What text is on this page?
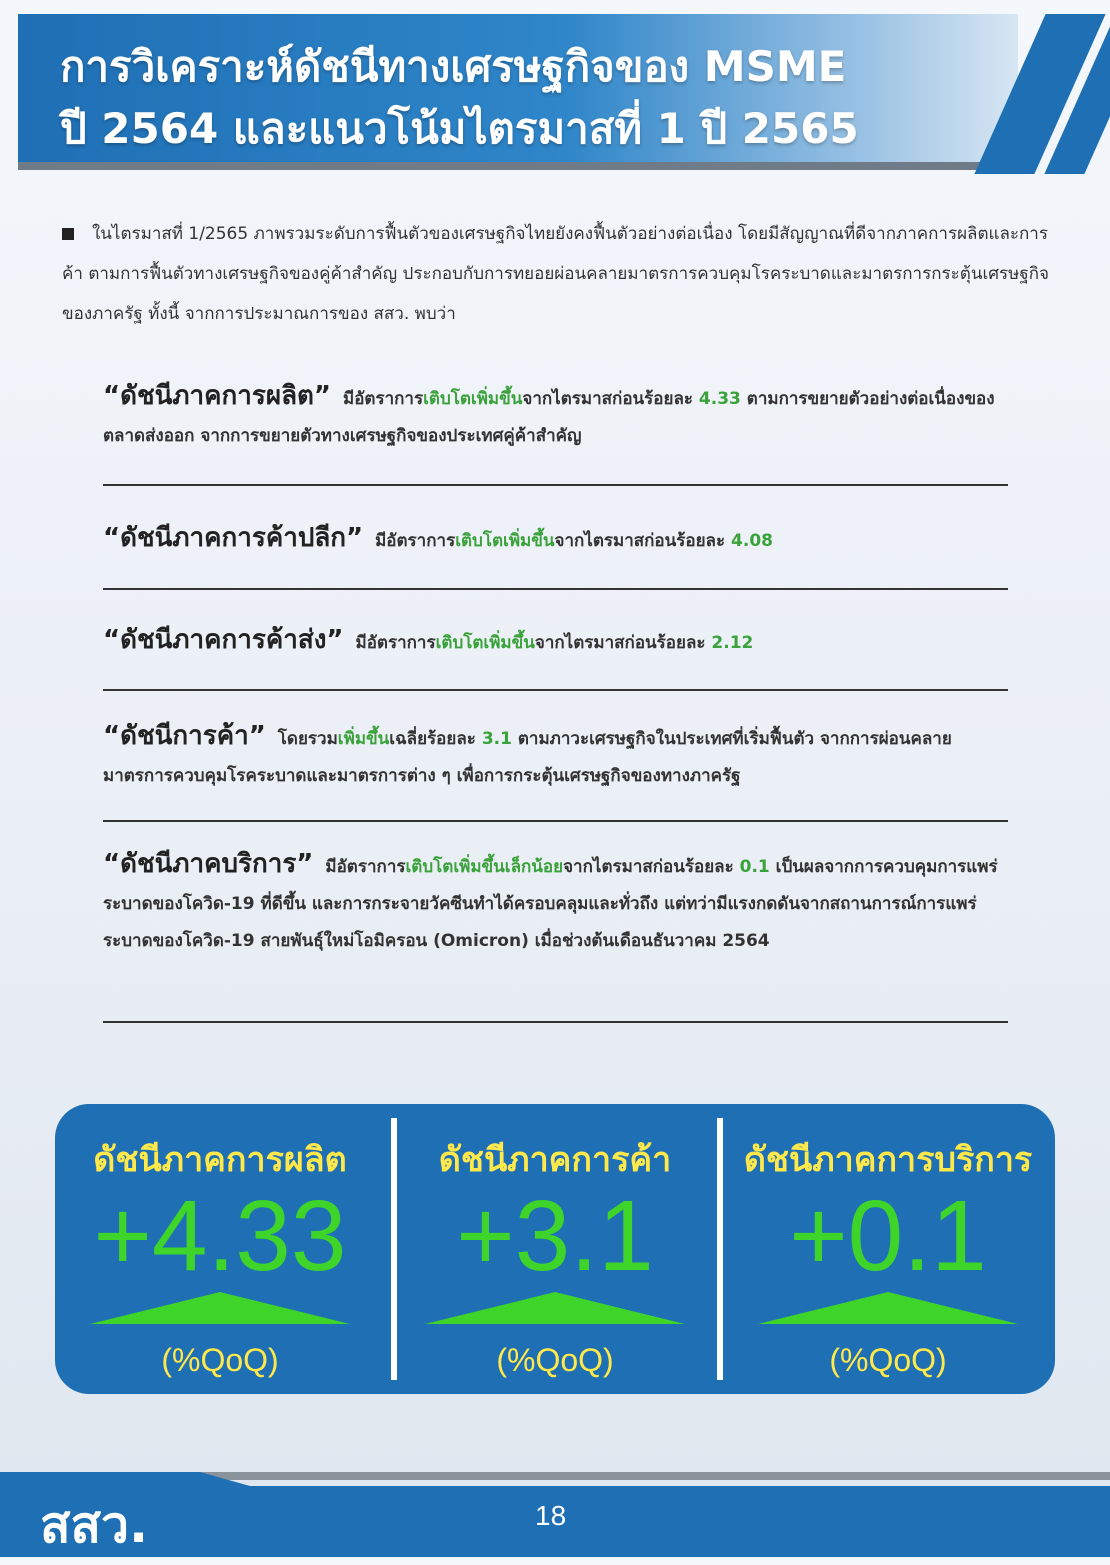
การวิเคราะห์ดัชนีทางเศรษฐกิจของ MSME
ปี 2564 และแนวโน้มไตรมาสที่ 1 ปี 2565
ในไตรมาสที่ 1/2565 ภาพรวมระดับการฟื้นตัวของเศรษฐกิจไทยยังคงฟื้นตัวอย่างต่อเนื่อง โดยมีสัญญาณที่ดีจากภาคการผลิตและการค้า ตามการฟื้นตัวทางเศรษฐกิจของคู่ค้าสำคัญ ประกอบกับการทยอยผ่อนคลายมาตรการควบคุมโรคระบาดและมาตรการกระตุ้นเศรษฐกิจของภาครัฐ ทั้งนี้ จากการประมาณการของ สสว. พบว่า
“ดัชนีภาคการผลิต” มีอัตราการเติบโตเพิ่มขึ้นจากไตรมาสก่อนร้อยละ 4.33 ตามการขยายตัวอย่างต่อเนื่องของตลาดส่งออก จากการขยายตัวทางเศรษฐกิจของประเทศคู่ค้าสำคัญ
“ดัชนีภาคการค้าปลีก” มีอัตราการเติบโตเพิ่มขึ้นจากไตรมาสก่อนร้อยละ 4.08
“ดัชนีภาคการค้าส่ง” มีอัตราการเติบโตเพิ่มขึ้นจากไตรมาสก่อนร้อยละ 2.12
“ดัชนีการค้า” โดยรวมเพิ่มขึ้นเฉลี่ยร้อยละ 3.1 ตามภาวะเศรษฐกิจในประเทศที่เริ่มฟื้นตัว จากการผ่อนคลายมาตรการควบคุมโรคระบาดและมาตรการต่าง ๆ เพื่อการกระตุ้นเศรษฐกิจของทางภาครัฐ
“ดัชนีภาคบริการ” มีอัตราการเติบโตเพิ่มขึ้นเล็กน้อยจากไตรมาสก่อนร้อยละ 0.1 เป็นผลจากการควบคุมการแพร่ระบาดของโควิด-19 ที่ดีขึ้น และการกระจายวัคซีนทำได้ครอบคลุมและทั่วถึง แต่ทว่ามีแรงกดดันจากสถานการณ์การแพร่ระบาดของโควิด-19 สายพันธุ์ใหม่โอมิครอน (Omicron) เมื่อช่วงต้นเดือนธันวาคม 2564
ดัชนีภาคการผลิต
+4.33
(%QoQ)
ดัชนีภาคการค้า
+3.1
(%QoQ)
ดัชนีภาคการบริการ
+0.1
(%QoQ)
สสว.	18
